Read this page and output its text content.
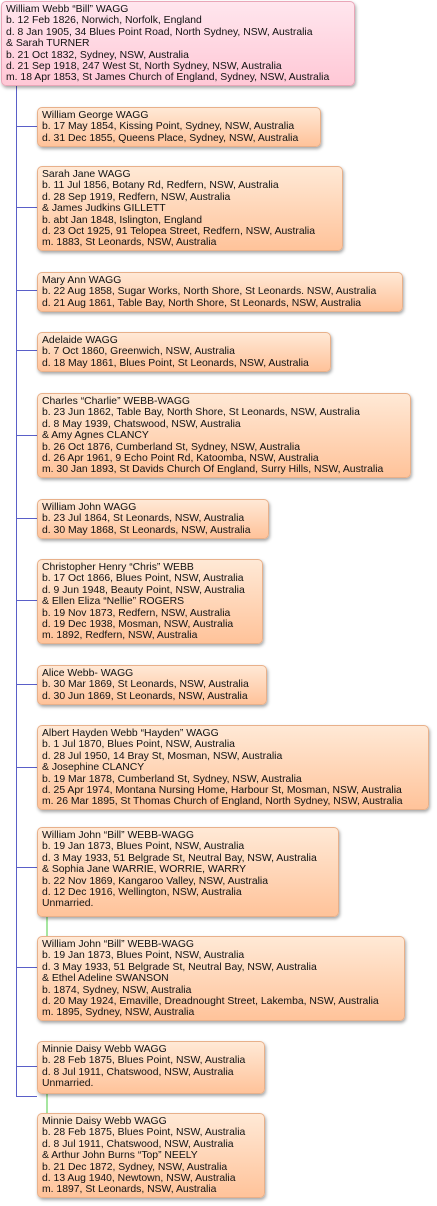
William Webb “Bill” WAGG
b. 12 Feb 1826, Norwich, Norfolk, England
d. 8 Jan 1905, 34 Blues Point Road, North Sydney, NSW, Australia
& Sarah TURNER
b. 21 Oct 1832, Sydney, NSW, Australia
d. 21 Sep 1918, 247 West St, North Sydney, NSW, Australia
m. 18 Apr 1853, St James Church of England, Sydney, NSW, Australia
William George WAGG
b. 17 May 1854, Kissing Point, Sydney, NSW, Australia
d. 31 Dec 1855, Queens Place, Sydney, NSW, Australia
Sarah Jane WAGG
b. 11 Jul 1856, Botany Rd, Redfern, NSW, Australia
d. 28 Sep 1919, Redfern, NSW, Australia
& James Judkins GILLETT
b. abt Jan 1848, Islington, England
d. 23 Oct 1925, 91 Telopea Street, Redfern, NSW, Australia
m. 1883, St Leonards, NSW, Australia
Mary Ann WAGG
b. 22 Aug 1858, Sugar Works, North Shore, St Leonards. NSW, Australia
d. 21 Aug 1861, Table Bay, North Shore, St Leonards, NSW, Australia
Adelaide WAGG
b. 7 Oct 1860, Greenwich, NSW, Australia
d. 18 May 1861, Blues Point, St Leonards, NSW, Australia
Charles “Charlie” WEBB-WAGG
b. 23 Jun 1862, Table Bay, North Shore, St Leonards, NSW, Australia
d. 8 May 1939, Chatswood, NSW, Australia
& Amy Agnes CLANCY
b. 26 Oct 1876, Cumberland St, Sydney, NSW, Australia
d. 26 Apr 1961, 9 Echo Point Rd, Katoomba, NSW, Australia
m. 30 Jan 1893, St Davids Church Of England, Surry Hills, NSW, Australia
William John WAGG
b. 23 Jul 1864, St Leonards, NSW, Australia
d. 30 May 1868, St Leonards, NSW, Australia
Christopher Henry “Chris” WEBB
b. 17 Oct 1866, Blues Point, NSW, Australia
d. 9 Jun 1948, Beauty Point, NSW, Australia
& Ellen Eliza “Nellie” ROGERS
b. 19 Nov 1873, Redfern, NSW, Australia
d. 19 Dec 1938, Mosman, NSW, Australia
m. 1892, Redfern, NSW, Australia
Alice Webb- WAGG
b. 30 Mar 1869, St Leonards, NSW, Australia
d. 30 Jun 1869, St Leonards, NSW, Australia
Albert Hayden Webb “Hayden” WAGG
b. 1 Jul 1870, Blues Point, NSW, Australia
d. 28 Jul 1950, 14 Bray St, Mosman, NSW, Australia
& Josephine CLANCY
b. 19 Mar 1878, Cumberland St, Sydney, NSW, Australia
d. 25 Apr 1974, Montana Nursing Home, Harbour St, Mosman, NSW, Australia
m. 26 Mar 1895, St Thomas Church of England, North Sydney, NSW, Australia
William John “Bill” WEBB-WAGG
b. 19 Jan 1873, Blues Point, NSW, Australia
d. 3 May 1933, 51 Belgrade St, Neutral Bay, NSW, Australia
& Sophia Jane WARRIE, WORRIE, WARRY
b. 22 Nov 1869, Kangaroo Valley, NSW, Australia
d. 12 Dec 1916, Wellington, NSW, Australia
Unmarried.
William John “Bill” WEBB-WAGG
b. 19 Jan 1873, Blues Point, NSW, Australia
d. 3 May 1933, 51 Belgrade St, Neutral Bay, NSW, Australia
& Ethel Adeline SWANSON
b. 1874, Sydney, NSW, Australia
d. 20 May 1924, Emaville, Dreadnought Street, Lakemba, NSW, Australia
m. 1895, Sydney, NSW, Australia
Minnie Daisy Webb WAGG
b. 28 Feb 1875, Blues Point, NSW, Australia
d. 8 Jul 1911, Chatswood, NSW, Australia
Unmarried.
Minnie Daisy Webb WAGG
b. 28 Feb 1875, Blues Point, NSW, Australia
d. 8 Jul 1911, Chatswood, NSW, Australia
& Arthur John Burns “Top” NEELY
b. 21 Dec 1872, Sydney, NSW, Australia
d. 13 Aug 1940, Newtown, NSW, Australia
m. 1897, St Leonards, NSW, Australia
